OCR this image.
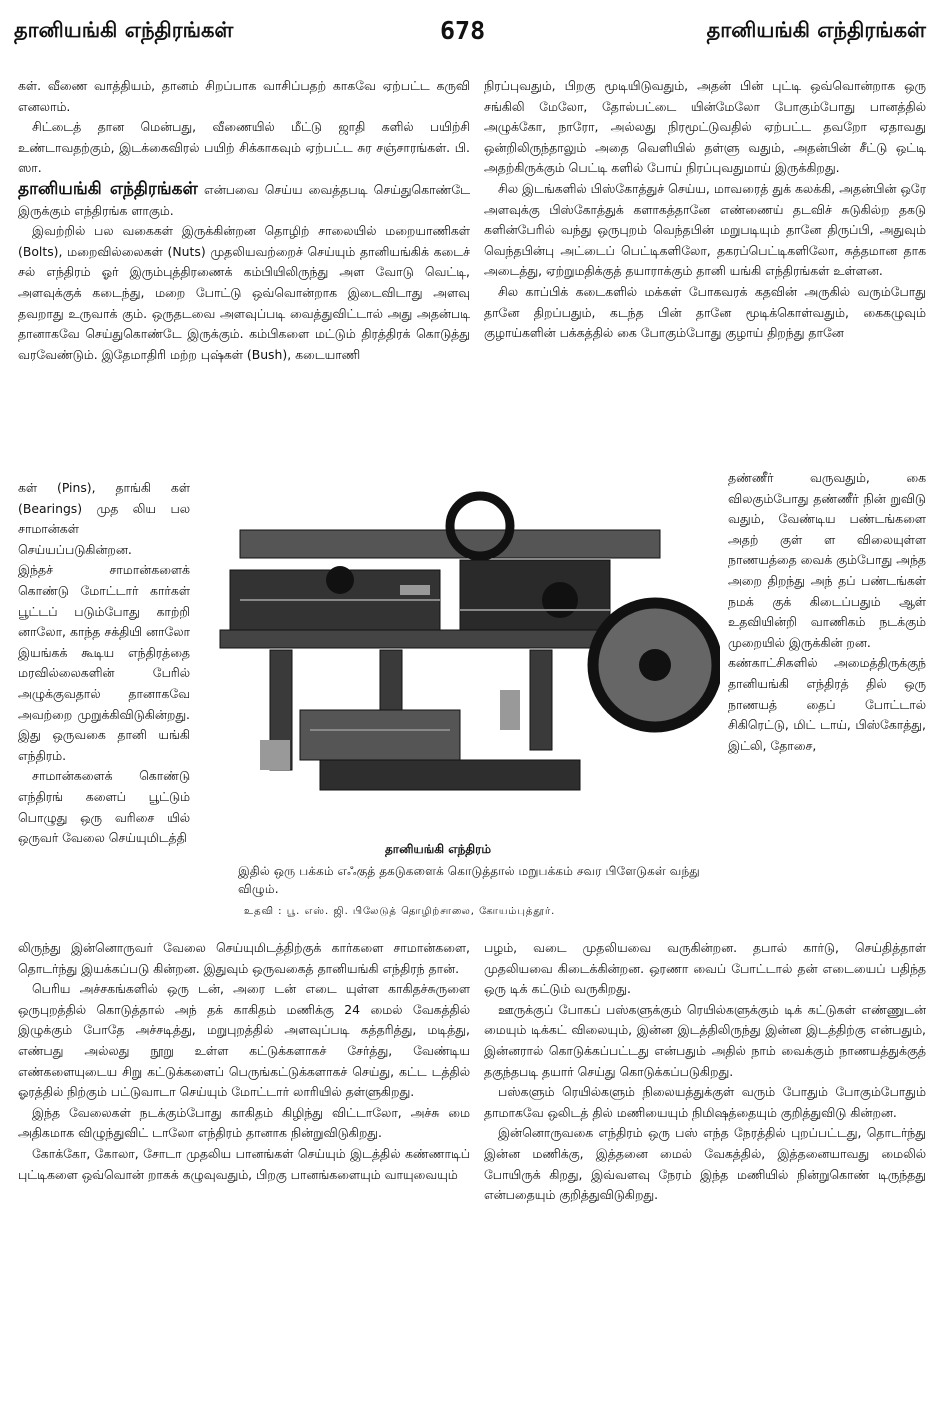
தானியங்கி எந்திரங்கள்	678	தானியங்கி எந்திரங்கள்

கள். வீணை வாத்தியம், தானம் சிறப்பாக வாசிப்பதற் காகவே ஏற்பட்ட கருவி எனலாம்.

சிட்டைத் தான மென்பது, வீணையில் மீட்டு ஜாதி களில் பயிற்சி உண்டாவதற்கும், இடக்கைவிரல் பயிற் சிக்காகவும் ஏற்பட்ட சுர சஞ்சாரங்கள். பி. ஸா.

தானியங்கி எந்திரங்கள் என்பவை செய்ய வைத்தபடி செய்துகொண்டே இருக்கும் எந்திரங்க ளாகும்.

இவற்றில் பல வகைகள் இருக்கின்றன தொழிற் சாலையில் மறையாணிகள் (Bolts), மறைவில்லைகள் (Nuts) முதலியவற்றைச் செய்யும் தானியங்கிக் கடைச் சல் எந்திரம் ஓர் இரும்புத்திரணைக் கம்பியிலிருந்து அள வோடு வெட்டி, அளவுக்குக் கடைந்து, மறை போட்டு ஒவ்வொன்றாக இடைவிடாது அளவு தவறாது உருவாக் கும். ஒருதடவை அளவுப்படி வைத்துவிட்டால் அது அதன்படி தானாகவே செய்துகொண்டே இருக்கும். கம்பிகளை மட்டும் திரத்திரக் கொடுத்து வரவேண்டும். இதேமாதிரி மற்ற புஷ்கள் (Bush), கடையாணி

கள் (Pins), தாங்கி கள் (Bearings) முத லிய பல சாமான்கள் செய்யப்படுகின்றன.

இந்தச் சாமான்களைக் கொண்டு மோட்டார் கார்கள் பூட்டப் படும்போது காற்றி னாலோ, காந்த சக்தியி னாலோ இயங்கக் கூடிய எந்திரத்தை மரவில்லைகளின் பேரில் அழுக்குவதால் தானாகவே அவற்றை முறுக்கிவிடுகின்றது. இது ஒருவகை தானி யங்கி எந்திரம்.

சாமான்களைக் கொண்டு எந்திரங் களைப் பூட்டும் பொழுது ஒரு வரிசை யில் ஒருவர் வேலை செய்யுமிடத்தி

தானியங்கி எந்திரம்
இதில் ஒரு பக்கம் எஃகுத் தகடுகளைக் கொடுத்தால் மறுபக்கம் சவர பிளேடுகள் வந்து விழும்.
உதவி : பூ. எஸ். ஜி. பிலேடுத் தொழிற்சாலை, கோயம்புத்தூர்.

லிருந்து இன்னொருவர் வேலை செய்யுமிடத்திற்குக் கார்களை சாமான்களை, தொடர்ந்து இயக்கப்படு கின்றன. இதுவும் ஒருவகைத் தானியங்கி எந்திரந் தான்.

பெரிய அச்சகங்களில் ஒரு டன், அரை டன் எடை யுள்ள காகிதச்சுருளை ஒருபுறத்தில் கொடுத்தால் அந் தக் காகிதம் மணிக்கு 24 மைல் வேகத்தில் இழுக்கும் போதே அச்சடித்து, மறுபுறத்தில் அளவுப்படி கத்தரித்து, மடித்து, எண்பது அல்லது நூறு உள்ள கட்டுக்களாகச் சேர்த்து, வேண்டிய எண்களையுடைய சிறு கட்டுக்களைப் பெருங்கட்டுக்களாகச் செய்து, கட்ட டத்தில் ஓரத்தில் நிற்கும் பட்டுவாடா செய்யும் மோட்டார் லாரியில் தள்ளுகிறது.

இந்த வேலைகள் நடக்கும்போது காகிதம் கிழிந்து விட்டாலோ, அச்சு மை அதிகமாக விழுந்துவிட் டாலோ எந்திரம் தானாக நின்றுவிடுகிறது.

கோக்கோ, கோலா, சோடா முதலிய பானங்கள் செய்யும் இடத்தில் கண்ணாடிப் புட்டிகளை ஒவ்வொன் றாகக் கழுவுவதும், பிறகு பானங்களையும் வாயுவையும்

நிரப்புவதும், பிறகு மூடியிடுவதும், அதன் பின் புட்டி ஒவ்வொன்றாக ஒரு சங்கிலி மேலோ, தோல்பட்டை யின்மேலோ போகும்போது பானத்தில் அழுக்கோ, நாரோ, அல்லது நிரமூட்டுவதில் ஏற்பட்ட தவறோ ஏதாவது ஒன்றிலிருந்தாலும் அதை வெளியில் தள்ளு வதும், அதன்பின் சீட்டு ஒட்டி அதற்கிருக்கும் பெட்டி களில் போய் நிரப்புவதுமாய் இருக்கிறது.

சில இடங்களில் பிஸ்கோத்துச் செய்ய, மாவரைத் துக் கலக்கி, அதன்பின் ஒரே அளவுக்கு பிஸ்கோத்துக் களாகத்தானே எண்ணைய் தடவிச் சுடுகில்ற தகடு களின்பேரில் வந்து ஒருபுறம் வெந்தபின் மறுபடியும் தானே திருப்பி, அதுவும் வெந்தபின்பு அட்டைப் பெட்டிகளிலோ, தகரப்பெட்டிகளிலோ, சுத்தமான தாக அடைத்து, ஏற்றுமதிக்குத் தயாராக்கும் தானி யங்கி எந்திரங்கள் உள்ளன.

சில காப்பிக் கடைகளில் மக்கள் போகவரக் கதவின் அருகில் வரும்போது தானே திறப்பதும், கடந்த பின் தானே மூடிக்கொள்வதும், கைகழுவும் குழாய்களின் பக்கத்தில் கை போகும்போது குழாய் திறந்து தானே

தண்ணீர் வருவதும், கை விலகும்போது தண்ணீர் நின் றுவிடு வதும், வேண்டிய பண்டங்களை அதற் குள் ள விலையுள்ள நாணயத்தை வைக் கும்போது அந்த அறை திறந்து அந் தப் பண்டங்கள் நமக் குக் கிடைப்பதும் ஆள் உதவியின்றி வாணிகம் நடக்கும் முறையில் இருக்கின் றன.

கண்காட்சிகளில் அமைத்திருக்குந் தானியங்கி எந்திரத் தில் ஒரு நாணயத் தைப் போட்டால் சிகிரெட்டு, மிட் டாய், பிஸ்கோத்து, இட்லி, தோசை,

பழம், வடை முதலியவை வருகின்றன. தபால் கார்டு, செய்தித்தாள் முதலியவை கிடைக்கின்றன. ஒரணா வைப் போட்டால் தன் எடையைப் பதிந்த ஒரு டிக் கட்டும் வருகிறது.

ஊருக்குப் போகப் பஸ்களுக்கும் ரெயில்களுக்கும் டிக் கட்டுகள் எண்ணுடன் மையும் டிக்கட் விலையும், இன்ன இடத்திலிருந்து இன்ன இடத்திற்கு என்பதும், இன்னரால் கொடுக்கப்பட்டது என்பதும் அதில் நாம் வைக்கும் நாணயத்துக்குத் தகுந்தபடி தயார் செய்து கொடுக்கப்படுகிறது.

பஸ்களும் ரெயில்களும் நிலையத்துக்குள் வரும் போதும் போகும்போதும் தாமாகவே ஒலிடத் தில் மணியையும் நிமிஷத்தையும் குறித்துவிடு கின்றன.

இன்னொருவகை எந்திரம் ஒரு பஸ் எந்த நேரத்தில் புறப்பட்டது, தொடர்ந்து இன்ன மணிக்கு, இத்தனை மைல் வேகத்தில், இத்தனையாவது மைலில் போயிருக் கிறது, இவ்வளவு நேரம் இந்த மணியில் நின்றுகொண் டிருந்தது என்பதையும் குறித்துவிடுகிறது.
